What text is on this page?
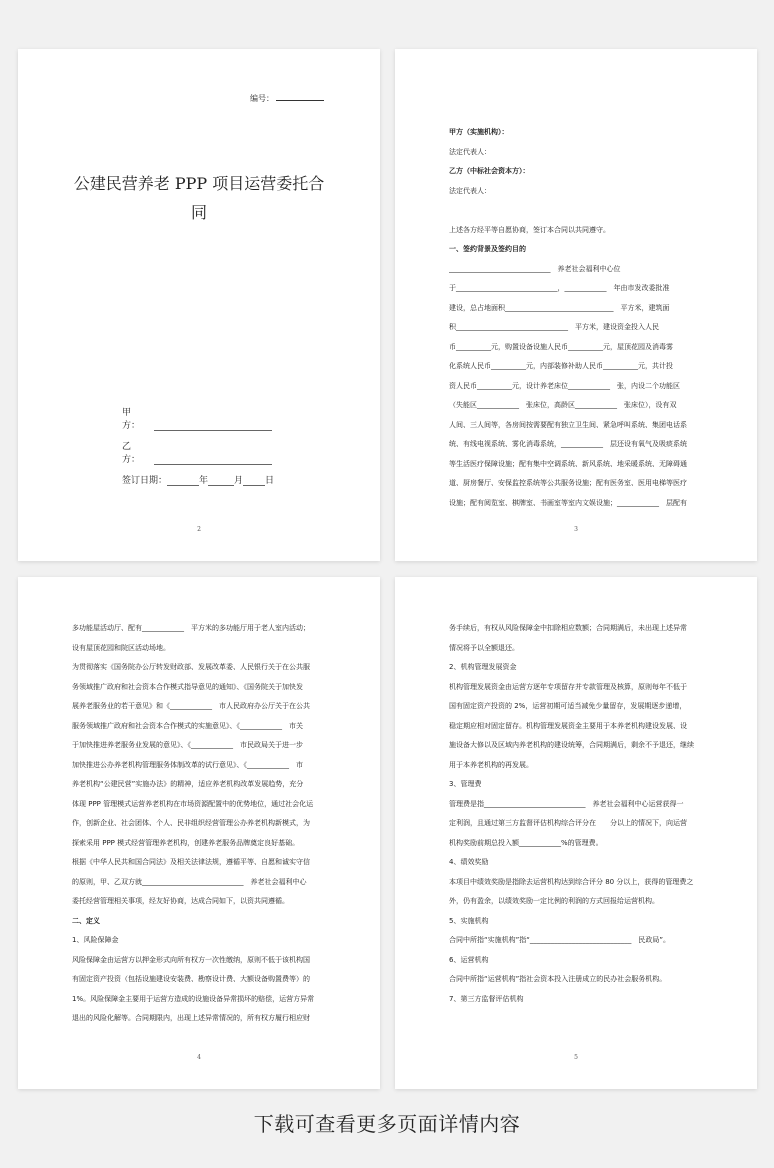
编号：
公建民营养老 PPP 项目运营委托合
同
甲　方：
乙　方：
签订日期：	年	月 日
2

甲方（实施机构）：

法定代表人：

乙方（中标社会资本方）：

法定代表人：

上述各方经平等自愿协商，签订本合同以共同遵守。

一、签约背景及签约目的

_____________________________　养老社会福利中心位

于_____________________________，____________　年由市发改委批准

建设，总占地面积_______________________________　平方米，建筑面

积________________________________　平方米，建设资金投入人民

币__________元，购置设备设施人民币__________元，屋顶花园及消毒雾

化系统人民币__________元，内部装修补助人民币__________元，共计投

资人民币__________元，设计养老床位____________　张，内设二个功能区

（失能区____________　张床位，高龄区____________　张床位），设有双

人间、三人间等，各房间按需要配有独立卫生间、紧急呼叫系统、集团电话系

统、有线电视系统、雾化消毒系统，____________　层还设有氧气及吸痰系统

等生活医疗保障设施；配有集中空调系统、新风系统、地采暖系统、无障碍通

道、厨房餐厅、安保监控系统等公共服务设施；配有医务室、医用电梯等医疗

设施；配有阅览室、棋牌室、书画室等室内文娱设施；____________　层配有

3

多功能屋活动厅、配有____________　平方米的多功能厅用于老人室内活动；

设有屋顶花园和院区活动场地。

为贯彻落实《国务院办公厅转发财政部、发展改革委、人民银行关于在公共服

务领域推广政府和社会资本合作模式指导意见的通知》、《国务院关于加快发

展养老服务业的若干意见》和《____________　市人民政府办公厅关于在公共

服务领域推广政府和社会资本合作模式的实施意见》、《____________　市关

于加快推进养老服务业发展的意见》、《____________　市民政局关于进一步

加快推进公办养老机构管理服务体制改革的试行意见》、《____________　市

养老机构“公建民营”实施办法》的精神，适应养老机构改革发展趋势，充分

体现 PPP 管理模式运营养老机构在市场资源配置中的优势地位，通过社会化运

作，创新企业、社会团体、个人、民非组织经营管理公办养老机构新模式，为

探索采用 PPP 模式经营管理养老机构，创建养老服务品牌奠定良好基础。

根据《中华人民共和国合同法》及相关法律法规，遵循平等、自愿和诚实守信

的原则，甲、乙双方就_____________________________　养老社会福利中心

委托经营管理相关事项，经友好协商，达成合同如下，以资共同遵循。

二、定义

1、风险保障金

风险保障金由运营方以押金形式向所有权方一次性缴纳，原则不低于该机构国

有固定资产投资（包括设施建设安装费、勘察设计费、大额设备购置费等）的

1%。风险保障金主要用于运营方造成的设施设备异常损坏的赔偿，运营方异常

退出的风险化解等。合同期限内，出现上述异常情况的，所有权方履行相应财

4

务手续后，有权从风险保障金中扣除相应数额；合同期满后，未出现上述异常

情况将予以全额退还。

2、机构管理发展资金

机构管理发展资金由运营方逐年专项留存并专款管理及核算，原则每年不低于

国有固定资产投资的 2%，运营初期可适当减免少量留存，发展期逐步递增，

稳定期应相对固定留存。机构管理发展资金主要用于本养老机构建设发展、设

施设备大修以及区域内养老机构的建设统筹，合同期满后，剩余不予退还，继续

用于本养老机构的再发展。

3、管理费

管理费是指_____________________________　养老社会福利中心运营获得一

定利润，且通过第三方监督评估机构综合评分在　　分以上的情况下，向运营

机构奖励前期总投入额____________%的管理费。

4、绩效奖励

本项目中绩效奖励是指除去运营机构达到综合评分 80 分以上，获得的管理费之

外，仍有盈余，以绩效奖励一定比例的利润的方式回报给运营机构。

5、实施机构

合同中所指“实施机构”指“_____________________________　民政局”。

6、运营机构

合同中所指“运营机构”指社会资本投入注册成立的民办社会服务机构。

7、第三方监督评估机构

5
下载可查看更多页面详情内容
